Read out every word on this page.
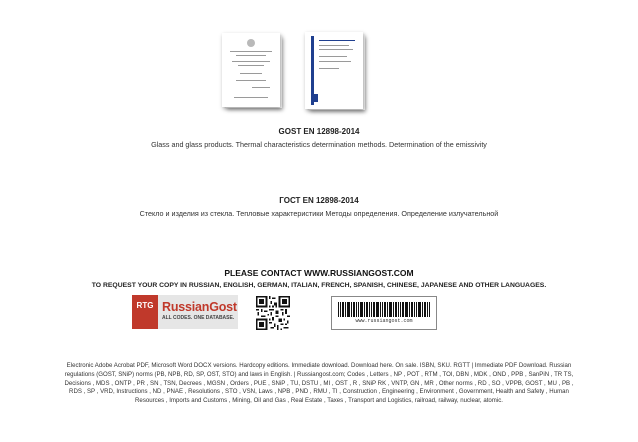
GOST EN 12898-2014
Glass and glass products. Thermal characteristics determination methods. Determination of the emissivity
ГОСТ EN 12898-2014
Стекло и изделия из стекла. Тепловые характеристики Методы определения. Определение излучательной
PLEASE CONTACT WWW.RUSSIANGOST.COM
TO REQUEST YOUR COPY IN RUSSIAN, ENGLISH, GERMAN, ITALIAN, FRENCH, SPANISH, CHINESE, JAPANESE AND OTHER LANGUAGES.
RTG RussianGost
ALL CODES. ONE DATABASE.	www.russiangost.com
Electronic Adobe Acrobat PDF, Microsoft Word DOCX versions. Hardcopy editions. Immediate download. Download here. On sale. ISBN, SKU. RGTT | Immediate PDF Download. Russian regulations (GOST, SNiP) norms (PB, NPB, RD, SP, OST, STO) and laws in English. | Russiangost.com; Codes , Letters , NP , POT , RTM , TOI, DBN , MDK , OND , PPB , SanPiN , TR TS, Decisions , MDS , ONTP , PR , SN , TSN, Decrees , MGSN , Orders , PUE , SNiP , TU, DSTU , MI , OST , R , SNiP RK , VNTP, GN , MR , Other norms , RD , SO , VPPB, GOST , MU , PB , RDS , SP , VRD, Instructions , ND , PNAE , Resolutions , STO , VSN, Laws , NPB , PND , RMU , TI , Construction , Engineering , Environment , Government, Health and Safety , Human Resources , Imports and Customs , Mining, Oil and Gas , Real Estate , Taxes , Transport and Logistics, railroad, railway, nuclear, atomic.
